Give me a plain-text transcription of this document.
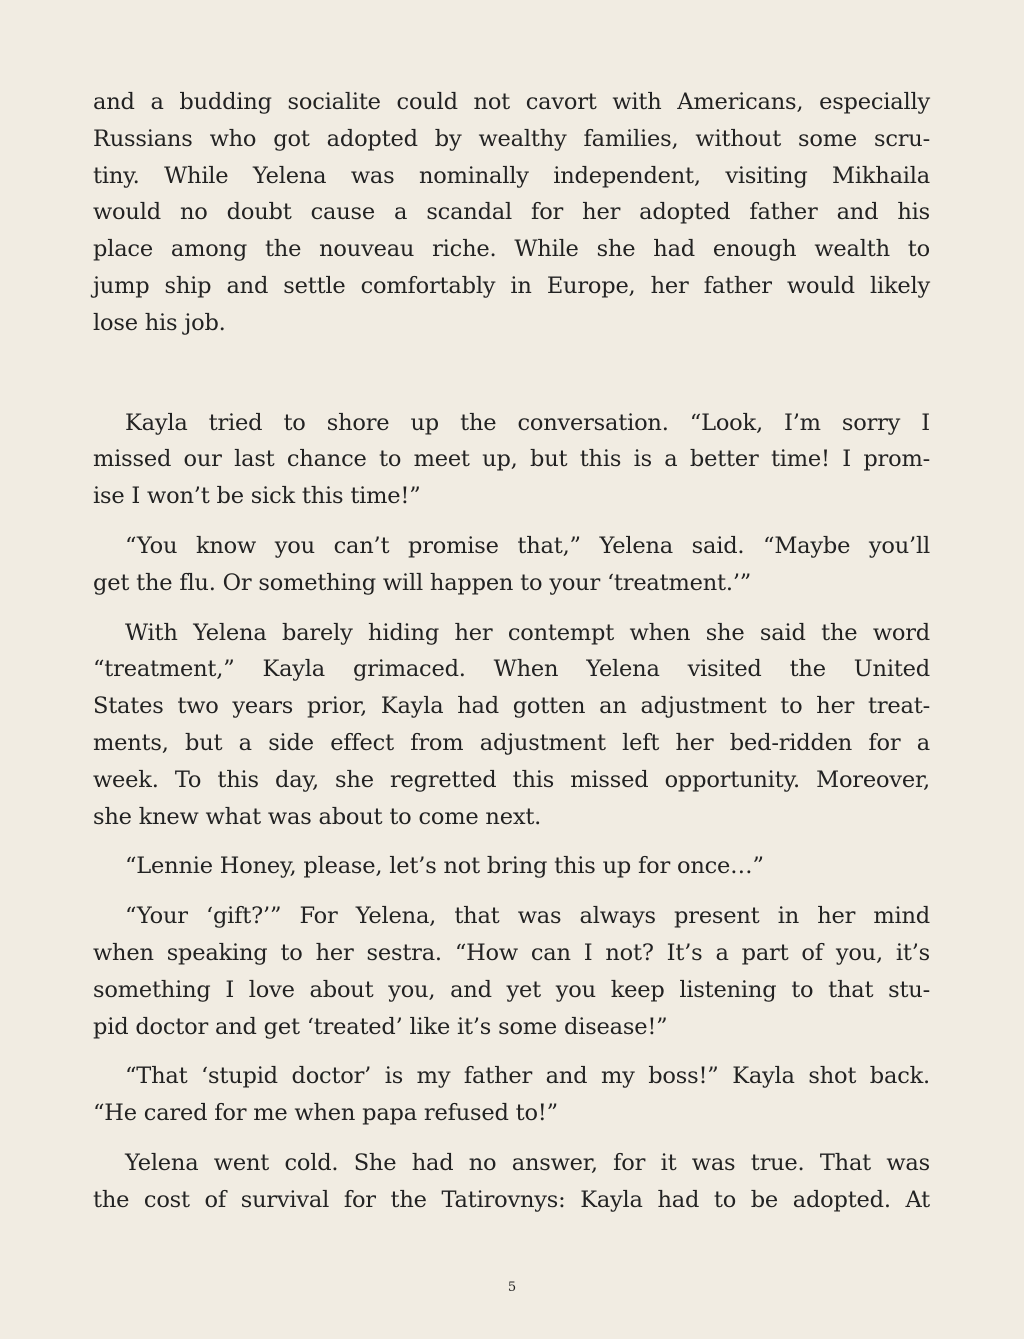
and a budding socialite could not cavort with Americans, especially
Russians who got adopted by wealthy families, without some scru-
tiny. While Yelena was nominally independent, visiting Mikhaila
would no doubt cause a scandal for her adopted father and his
place among the nouveau riche. While she had enough wealth to
jump ship and settle comfortably in Europe, her father would likely
lose his job.
Kayla tried to shore up the conversation. “Look, I’m sorry I
missed our last chance to meet up, but this is a better time! I prom-
ise I won’t be sick this time!”
“You know you can’t promise that,” Yelena said. “Maybe you’ll
get the flu. Or something will happen to your ‘treatment.’”
With Yelena barely hiding her contempt when she said the word
“treatment,” Kayla grimaced. When Yelena visited the United
States two years prior, Kayla had gotten an adjustment to her treat-
ments, but a side effect from adjustment left her bed-ridden for a
week. To this day, she regretted this missed opportunity. Moreover,
she knew what was about to come next.
“Lennie Honey, please, let’s not bring this up for once…”
“Your ‘gift?’” For Yelena, that was always present in her mind
when speaking to her sestra. “How can I not? It’s a part of you, it’s
something I love about you, and yet you keep listening to that stu-
pid doctor and get ‘treated’ like it’s some disease!”
“That ‘stupid doctor’ is my father and my boss!” Kayla shot back.
“He cared for me when papa refused to!”
Yelena went cold. She had no answer, for it was true. That was
the cost of survival for the Tatirovnys: Kayla had to be adopted. At
5
